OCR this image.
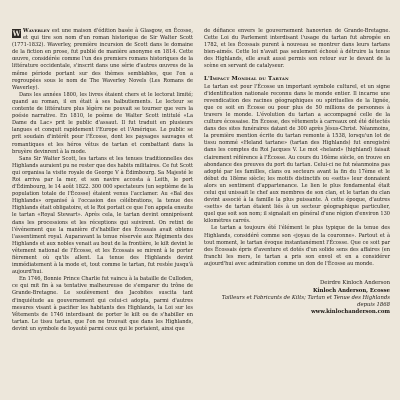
W Waverley est une maison d'édition basée à Glasgow, en Écosse, et qui tire son nom d'un roman historique de Sir Walter Scott (1771-1832). Waverley, première incursion de Scott dans le domaine de la fiction en prose, fut publié de manière anonyme en 1814. Cette œuvre, considérée comme l'un des premiers romans historiques de la littérature occidentale, s'inscrit dans une série d'autres œuvres de la même période portant sur des thèmes semblables, que l'on a regroupées sous le nom de The Waverley Novels (Les Romans de Waverley).

Dans les années 1800, les livres étaient chers et le lectorat limité; quand au roman, il en était à ses balbutiements. Le lecteur se contente de littérature plus légère ne pouvait se tourner que vers la poésie narrative. En 1810, le poème de Walter Scott intitulé «La Dame du Lac» prit le public d'assaut. Il fut traduit en plusieurs langues et conquit rapidement l'Europe et l'Amérique. Le public se prit soudain d'intérêt pour l'Écosse, dont les paysages sauvages et romantiques et les héros vêtus de tartan et combattant dans la bruyère devinrent à la mode.

Sans Sir Walter Scott, les tartans et les tenues traditionnelles des Highlands auraient pu ne rester que des habits militaires. Ce fut Scott qui organisa la visite royale de George V à Édimbourg. Sa Majesté le Roi arriva par la mer, et son navire accosta à Leith, le port d'Édimbourg, le 14 août 1822. 300 000 spectateurs (un septième de la population totale de l'Écosse) étaient venus l'acclamer. Au «Bal des Highlands» organisé à l'occasion des célébrations, la tenue des Highlands était obligatoire, et le Roi portait ce que l'on appela ensuite le tartan «Royal Stewart». Après cela, le tartan devint omniprésent dans les processions et les réceptions qui suivirent. On retint de l'événement que la manière d's'habiller des Écossais avait obtenu l'assentiment royal. Auparavant la tenue réservée aux Régiments des Highlands et aux nobles venait au bout de la frontière, le kilt devint le vêtement national de l'Écosse, et les Écossais se mirent à le porter fièrement où qu'ils allent. La tenue des Highlands devint immédiatement à la mode et, tout comme le tartan, fut restée jusqu'à aujourd'hui.

En 1746, Bonnie Prince Charlie fut vaincu à la bataille de Culloden, ce qui mit fin à sa tentative malheureuse de s'emparer du trône de Grande-Bretagne. Le soulèvement des Jacobites suscita tant d'inquiétude au gouvernement qui celui-ci adopta, parmi d'autres mesures visant à pacifier les habitants des Highlands, la Loi sur les Vêtements de 1746 interdisant de porter le kilt ou de s'habiller en tartan. Le tissu tartan, que l'on ne trouvait que dans les Highlands, devint un symbole de loyauté parmi ceux qui le portaient, ainsi que

de défiance envers le gouvernement hanovrien de Grande-Bretagne. Cette Loi du Parlement interdisant l'usage du tartan fut abrogée en 1782, et les Écossais purent à nouveau se montrer dans leurs tartans bien-aimés. Cette loi n'avait pas seulement échoué à détruire la tenue des Highlands, elle avait aussi permis son retour sur le devant de la scène en servant de catalyseur.

L'Impact Mondial du Tartan

Le tartan est pour l'Écosse un important symbole culturel, et un signe d'identification nationale reconnu dans le monde entier. Il incarne une revendication des racines géographiques ou spirituelles de la lignée, que ce soit en Écosse ou pour plus de 50 millions de personnes à travers le monde. L'évolution du tartan a accompagné celle de la culture écossaise. En Écosse, des vêtements à carreaux ont été détectés dans des sites funéraires datant de 300 après Jésus-Christ. Néanmoins, la première mention écrite du tartan remonte à 1538, lorsqu'un lot de tissu nommé «Heland tartane» (tartan des Highlands) fut enregistré dans les comptes du Roi Jacques V. Le mot «heland» (highland) faisait clairement référence à l'Écosse. Au cours du 16ème siècle, on trouve en abondance des preuves du port du tartan. Celui-ci ne fut néanmoins pas adopté par les familles, clans ou secteurs avant la fin du 17ème et le début du 18ème siècle; les motifs distinctifs ou «setts» leur donnaient alors un sentiment d'appartenance. Le lien le plus fondamental était celui qui unissait le chef aux membres de son clan, et le tartan du clan devint associé à la famille la plus puissante. À cette époque, d'autres «setts» de tartan étaient liés à un secteur géographique particulier, quel que soit son nom; il signalait en général d'une région d'environ 130 kilomètres carrés.

Le tartan a toujours été l'élément le plus typique de la tenue des Highlands, considéré comme son «joyau de la couronne». Partout et à tout moment, le tartan évoque instantanément l'Écosse. Que ce soit par des Écossais épris d'aventure et dotés d'un solide sens des affaires (en franchi les mers, le tartan a pris son envol et en a considérer aujourd'hui avec admiration comme un don de l'Écosse au monde.

Deirdre Kinloch Anderson
Kinloch Anderson, Ecosse
Tailleurs et Fabricants de Kilts; Tartan et Tenue des Highlands
depuis 1868
www.kinlochanderson.com
